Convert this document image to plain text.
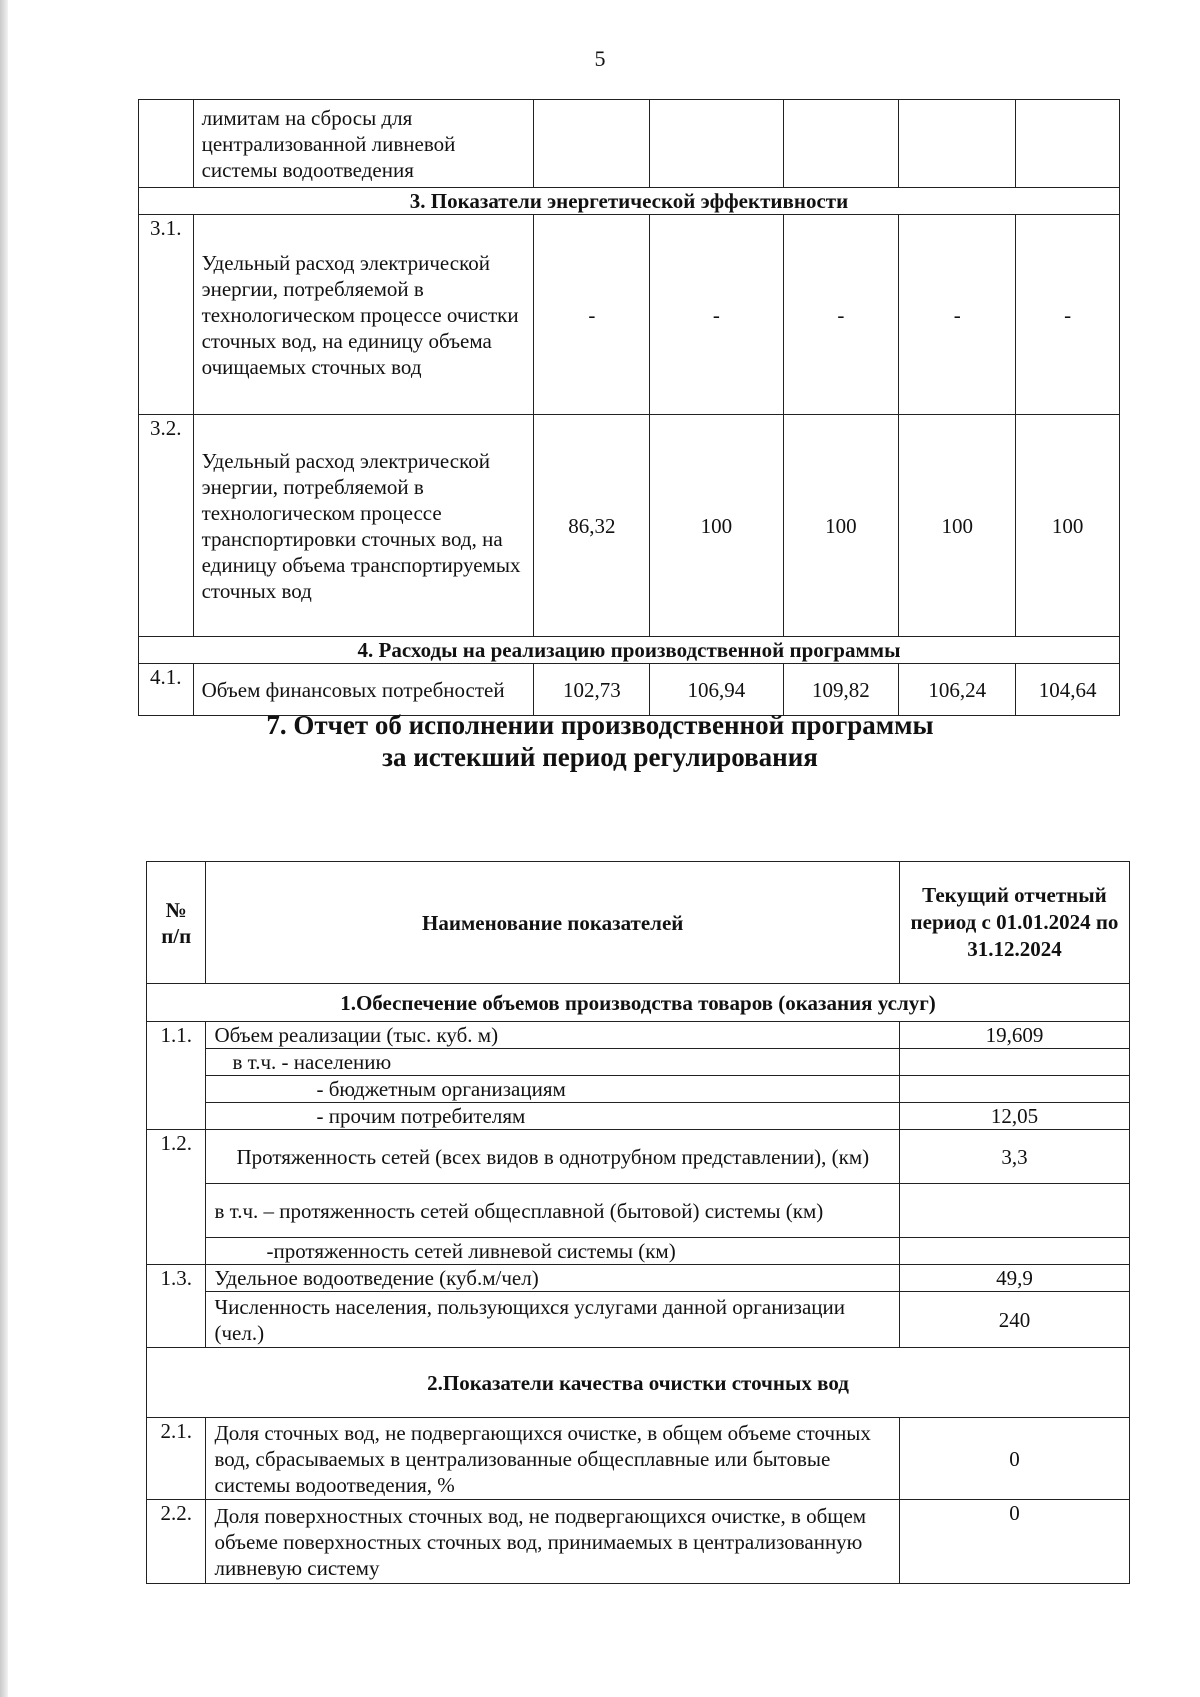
5
	лимитам на сбросы для централизованной ливневой системы водоотведения					
3. Показатели энергетической эффективности						
3.1.	Удельный расход электрической энергии, потребляемой в технологическом процессе очистки сточных вод, на единицу объема очищаемых сточных вод	-	-	-	-	-
3.2.	Удельный расход электрической энергии, потребляемой в технологическом процессе транспортировки сточных вод, на единицу объема транспортируемых сточных вод	86,32	100	100	100	100
4. Расходы на реализацию производственной программы						
4.1.	Объем финансовых потребностей	102,73	106,94	109,82	106,24	104,64
7. Отчет об исполнении производственной программы
за истекший период регулирования
№ п/п	Наименование показателей	Текущий отчетный период с 01.01.2024 по 31.12.2024
1.Обеспечение объемов производства товаров (оказания услуг)		
1.1.	Объем реализации (тыс. куб. м)	19,609
	в т.ч. - населению	
	- бюджетным организациям	
	- прочим потребителям	12,05
1.2.	Протяженность сетей (всех видов в однотрубном представлении), (км)	3,3
	в т.ч. – протяженность сетей общесплавной (бытовой) системы (км)	
	-протяженность сетей ливневой системы (км)	
1.3.	Удельное водоотведение (куб.м/чел)	49,9
	Численность населения, пользующихся услугами данной организации (чел.)	240
2.Показатели качества очистки сточных вод		
2.1.	Доля сточных вод, не подвергающихся очистке, в общем объеме сточных вод, сбрасываемых в централизованные общесплавные или бытовые системы водоотведения, %	0
2.2.	Доля поверхностных сточных вод, не подвергающихся очистке, в общем объеме поверхностных сточных вод, принимаемых в централизованную ливневую систему	0
